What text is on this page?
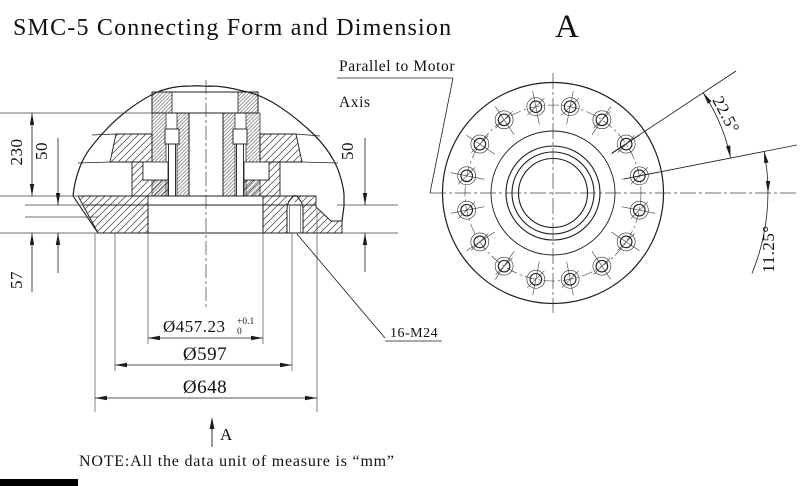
SMC-5 Connecting Form and Dimension	A
Parallel to Motor
Axis
230 50
57
50
Ø457.23 +0.1
0
Ø597
Ø648
16-M24
A
22.5°
11.25°
NOTE:All the data unit of measure is “mm”
